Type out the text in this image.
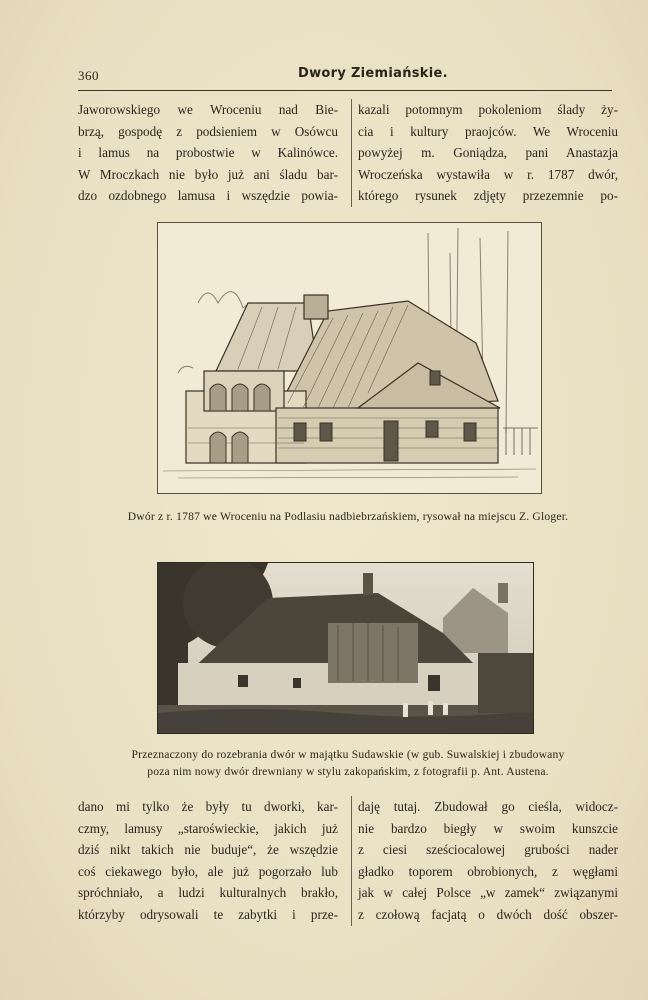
360	Dwory Ziemiańskie.
Jaworowskiego we Wroceniu nad Bie-
brzą, gospodę z podsieniem w Osówcu
i lamus na probostwie w Kalinówce.
W Mroczkach nie było już ani śladu bar-
dzo ozdobnego lamusa i wszędzie powia-
kazali potomnym pokoleniom ślady ży-
cia i kultury praojców. We Wroceniu
powyżej m. Goniądza, pani Anastazja
Wroczeńska wystawiła w r. 1787 dwór,
którego rysunek zdjęty przezemnie po-
Dwór z r. 1787 we Wroceniu na Podlasiu nadbiebrzańskiem, rysował na miejscu Z. Gloger.
Przeznaczony do rozebrania dwór w majątku Sudawskie (w gub. Suwalskiej i zbudowany
poza nim nowy dwór drewniany w stylu zakopańskim, z fotografii p. Ant. Austena.
dano mi tylko że były tu dworki, kar-
czmy, lamusy „staroświeckie, jakich już
dziś nikt takich nie buduje“, że wszędzie
coś ciekawego było, ale już pogorzało lub
spróchniało, a ludzi kulturalnych brakło,
którzyby odrysowali te zabytki i prze-
daję tutaj. Zbudował go cieśla, widocz-
nie bardzo biegły w swoim kunszcie
z ciesi sześciocalowej grubości nader
gładko toporem obrobionych, z węgłami
jak w całej Polsce „w zamek“ związanymi
z czołową facjatą o dwóch dość obszer-
